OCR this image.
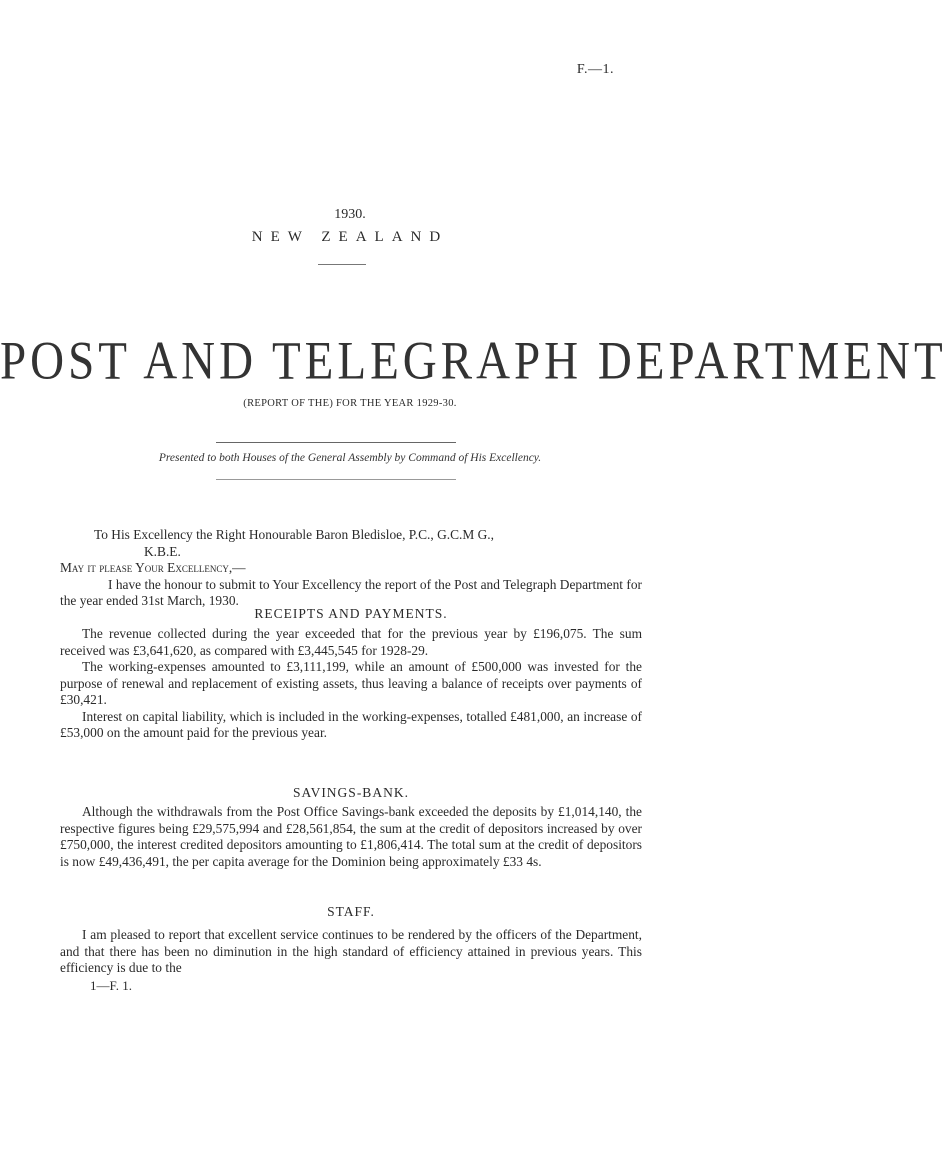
F.—1.
1930.
NEW ZEALAND
POST AND TELEGRAPH DEPARTMENT
(REPORT OF THE) FOR THE YEAR 1929-30.
Presented to both Houses of the General Assembly by Command of His Excellency.
To His Excellency the Right Honourable Baron Bledisloe, P.C., G.C.M G.,
K.B.E.
May it please Your Excellency,—

I have the honour to submit to Your Excellency the report of the Post and Telegraph Department for the year ended 31st March, 1930.

RECEIPTS AND PAYMENTS.

The revenue collected during the year exceeded that for the previous year by £196,075. The sum received was £3,641,620, as compared with £3,445,545 for 1928-29.

The working-expenses amounted to £3,111,199, while an amount of £500,000 was invested for the purpose of renewal and replacement of existing assets, thus leaving a balance of receipts over payments of £30,421.

Interest on capital liability, which is included in the working-expenses, totalled £481,000, an increase of £53,000 on the amount paid for the previous year.

SAVINGS-BANK.

Although the withdrawals from the Post Office Savings-bank exceeded the deposits by £1,014,140, the respective figures being £29,575,994 and £28,561,854, the sum at the credit of depositors increased by over £750,000, the interest credited depositors amounting to £1,806,414. The total sum at the credit of depositors is now £49,436,491, the per capita average for the Dominion being approximately £33 4s.

STAFF.

I am pleased to report that excellent service continues to be rendered by the officers of the Department, and that there has been no diminution in the high standard of efficiency attained in previous years. This efficiency is due to the

1—F. 1.
